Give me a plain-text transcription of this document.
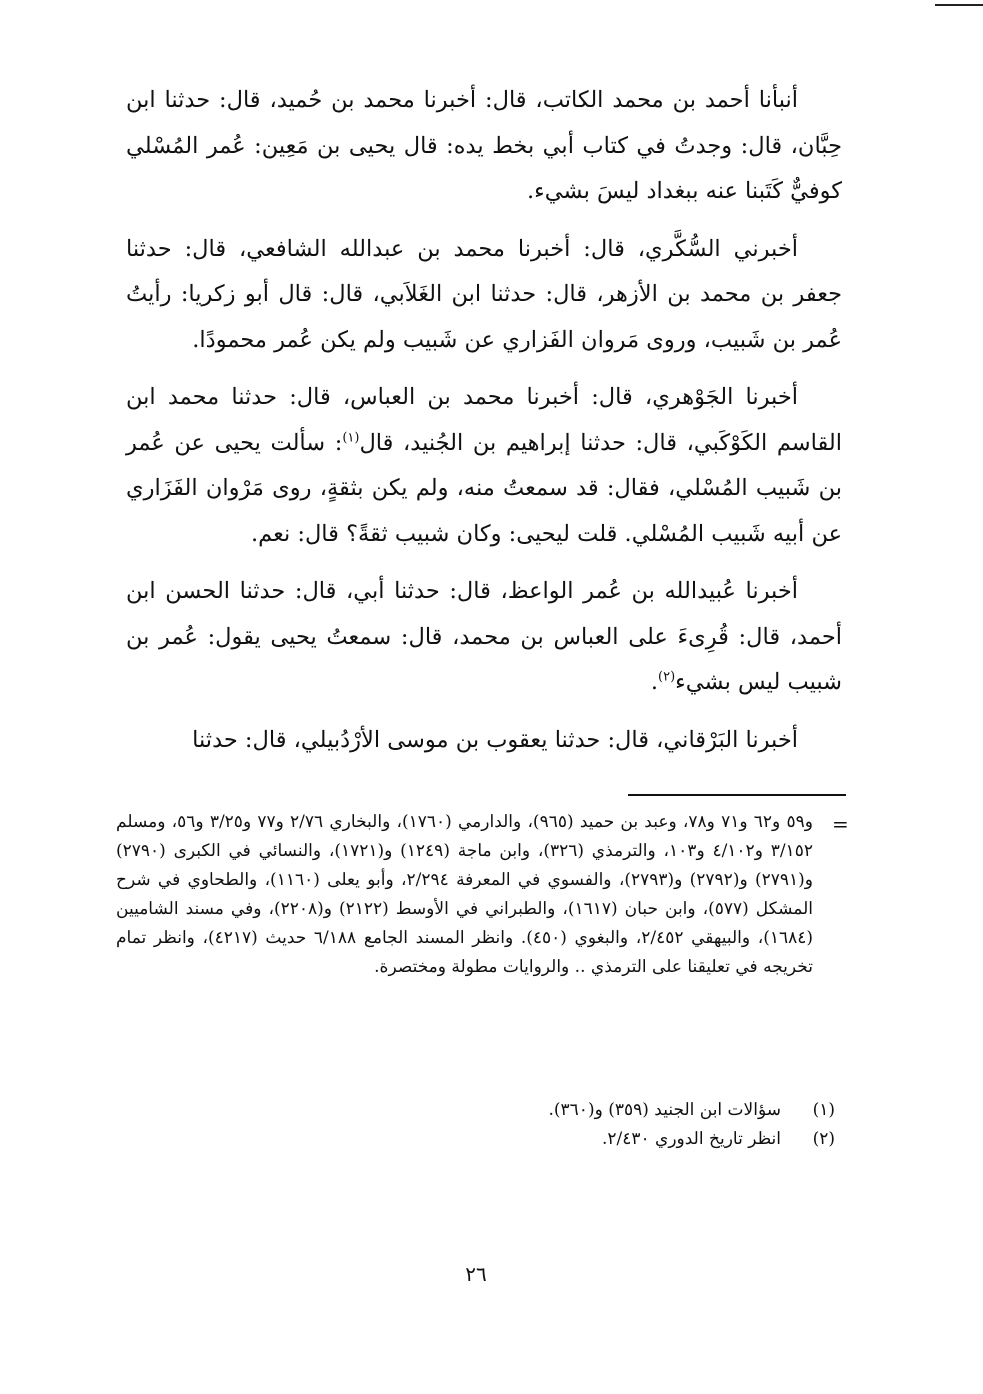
أنبأنا أحمد بن محمد الكاتب، قال: أخبرنا محمد بن حُميد، قال: حدثنا ابن حِبَّان، قال: وجدتُ في كتاب أبي بخط يده: قال يحيى بن مَعِين: عُمر المُسْلي كوفيٌّ كَتَبنا عنه ببغداد ليسَ بشيء.

أخبرني السُّكَّري، قال: أخبرنا محمد بن عبدالله الشافعي، قال: حدثنا جعفر بن محمد بن الأزهر، قال: حدثنا ابن الغَلاَبي، قال: قال أبو زكريا: رأيتُ عُمر بن شَبيب، وروى مَروان الفَزاري عن شَبيب ولم يكن عُمر محمودًا.

أخبرنا الجَوْهري، قال: أخبرنا محمد بن العباس، قال: حدثنا محمد ابن القاسم الكَوْكَبي، قال: حدثنا إبراهيم بن الجُنيد، قال$^{(١)}$: سألت يحيى عن عُمر بن شَبيب المُسْلي، فقال: قد سمعتُ منه، ولم يكن بثقةٍ، روى مَرْوان الفَزَاري عن أبيه شَبيب المُسْلي. قلت ليحيى: وكان شبيب ثقةً؟ قال: نعم.

أخبرنا عُبيدالله بن عُمر الواعظ، قال: حدثنا أبي، قال: حدثنا الحسن ابن أحمد، قال: قُرِىءَ على العباس بن محمد، قال: سمعتُ يحيى يقول: عُمر بن شبيب ليس بشيء$^{(٢)}$.

أخبرنا البَرْقاني، قال: حدثنا يعقوب بن موسى الأرْدُبيلي، قال: حدثنا

=

و٥٩ و٦٢ و٧١ و٧٨، وعبد بن حميد (٩٦٥)، والدارمي (١٧٦٠)، والبخاري ٢/٧٦ و٧٧ و٣/٢٥ و٥٦، ومسلم ٣/١٥٢ و٤/١٠٢ و١٠٣، والترمذي (٣٢٦)، وابن ماجة (١٢٤٩) و(١٧٢١)، والنسائي في الكبرى (٢٧٩٠) و(٢٧٩١) و(٢٧٩٢) و(٢٧٩٣)، والفسوي في المعرفة ٢/٢٩٤، وأبو يعلى (١١٦٠)، والطحاوي في شرح المشكل (٥٧٧)، وابن حبان (١٦١٧)، والطبراني في الأوسط (٢١٢٢) و(٢٢٠٨)، وفي مسند الشاميين (١٦٨٤)، والبيهقي ٢/٤٥٢، والبغوي (٤٥٠). وانظر المسند الجامع ٦/١٨٨ حديث (٤٢١٧)، وانظر تمام تخريجه في تعليقنا على الترمذي .. والروايات مطولة ومختصرة.

(١)
سؤالات ابن الجنيد (٣٥٩) و(٣٦٠).
(٢)
انظر تاريخ الدوري ٢/٤٣٠.
٢٦
